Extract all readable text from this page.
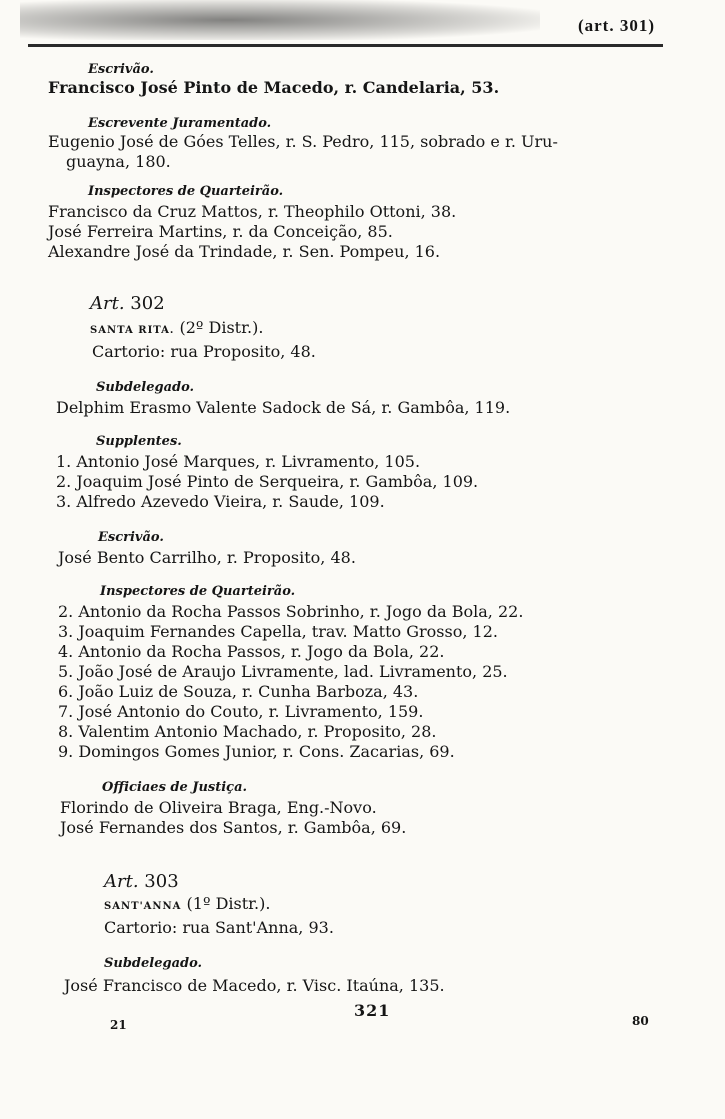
(art. 301)
Escrivão.
Francisco José Pinto de Macedo, r. Candelaria, 53.
Escrevente Juramentado.
Eugenio José de Góes Telles, r. S. Pedro, 115, sobrado e r. Uru-
guayna, 180.
Inspectores de Quarteirão.
Francisco da Cruz Mattos, r. Theophilo Ottoni, 38.
José Ferreira Martins, r. da Conceição, 85.
Alexandre José da Trindade, r. Sen. Pompeu, 16.
Art. 302
SANTA RITA. (2º Distr.).
Cartorio: rua Proposito, 48.
Subdelegado.
Delphim Erasmo Valente Sadock de Sá, r. Gambôa, 119.
Supplentes.
1. Antonio José Marques, r. Livramento, 105.
2. Joaquim José Pinto de Serqueira, r. Gambôa, 109.
3. Alfredo Azevedo Vieira, r. Saude, 109.
Escrivão.
José Bento Carrilho, r. Proposito, 48.
Inspectores de Quarteirão.
2. Antonio da Rocha Passos Sobrinho, r. Jogo da Bola, 22.
3. Joaquim Fernandes Capella, trav. Matto Grosso, 12.
4. Antonio da Rocha Passos, r. Jogo da Bola, 22.
5. João José de Araujo Livramente, lad. Livramento, 25.
6. João Luiz de Souza, r. Cunha Barboza, 43.
7. José Antonio do Couto, r. Livramento, 159.
8. Valentim Antonio Machado, r. Proposito, 28.
9. Domingos Gomes Junior, r. Cons. Zacarias, 69.
Officiaes de Justiça.
Florindo de Oliveira Braga, Eng.-Novo.
José Fernandes dos Santos, r. Gambôa, 69.
Art. 303
SANT'ANNA (1º Distr.).
Cartorio: rua Sant'Anna, 93.
Subdelegado.
José Francisco de Macedo, r. Visc. Itaúna, 135.
321
21	80
